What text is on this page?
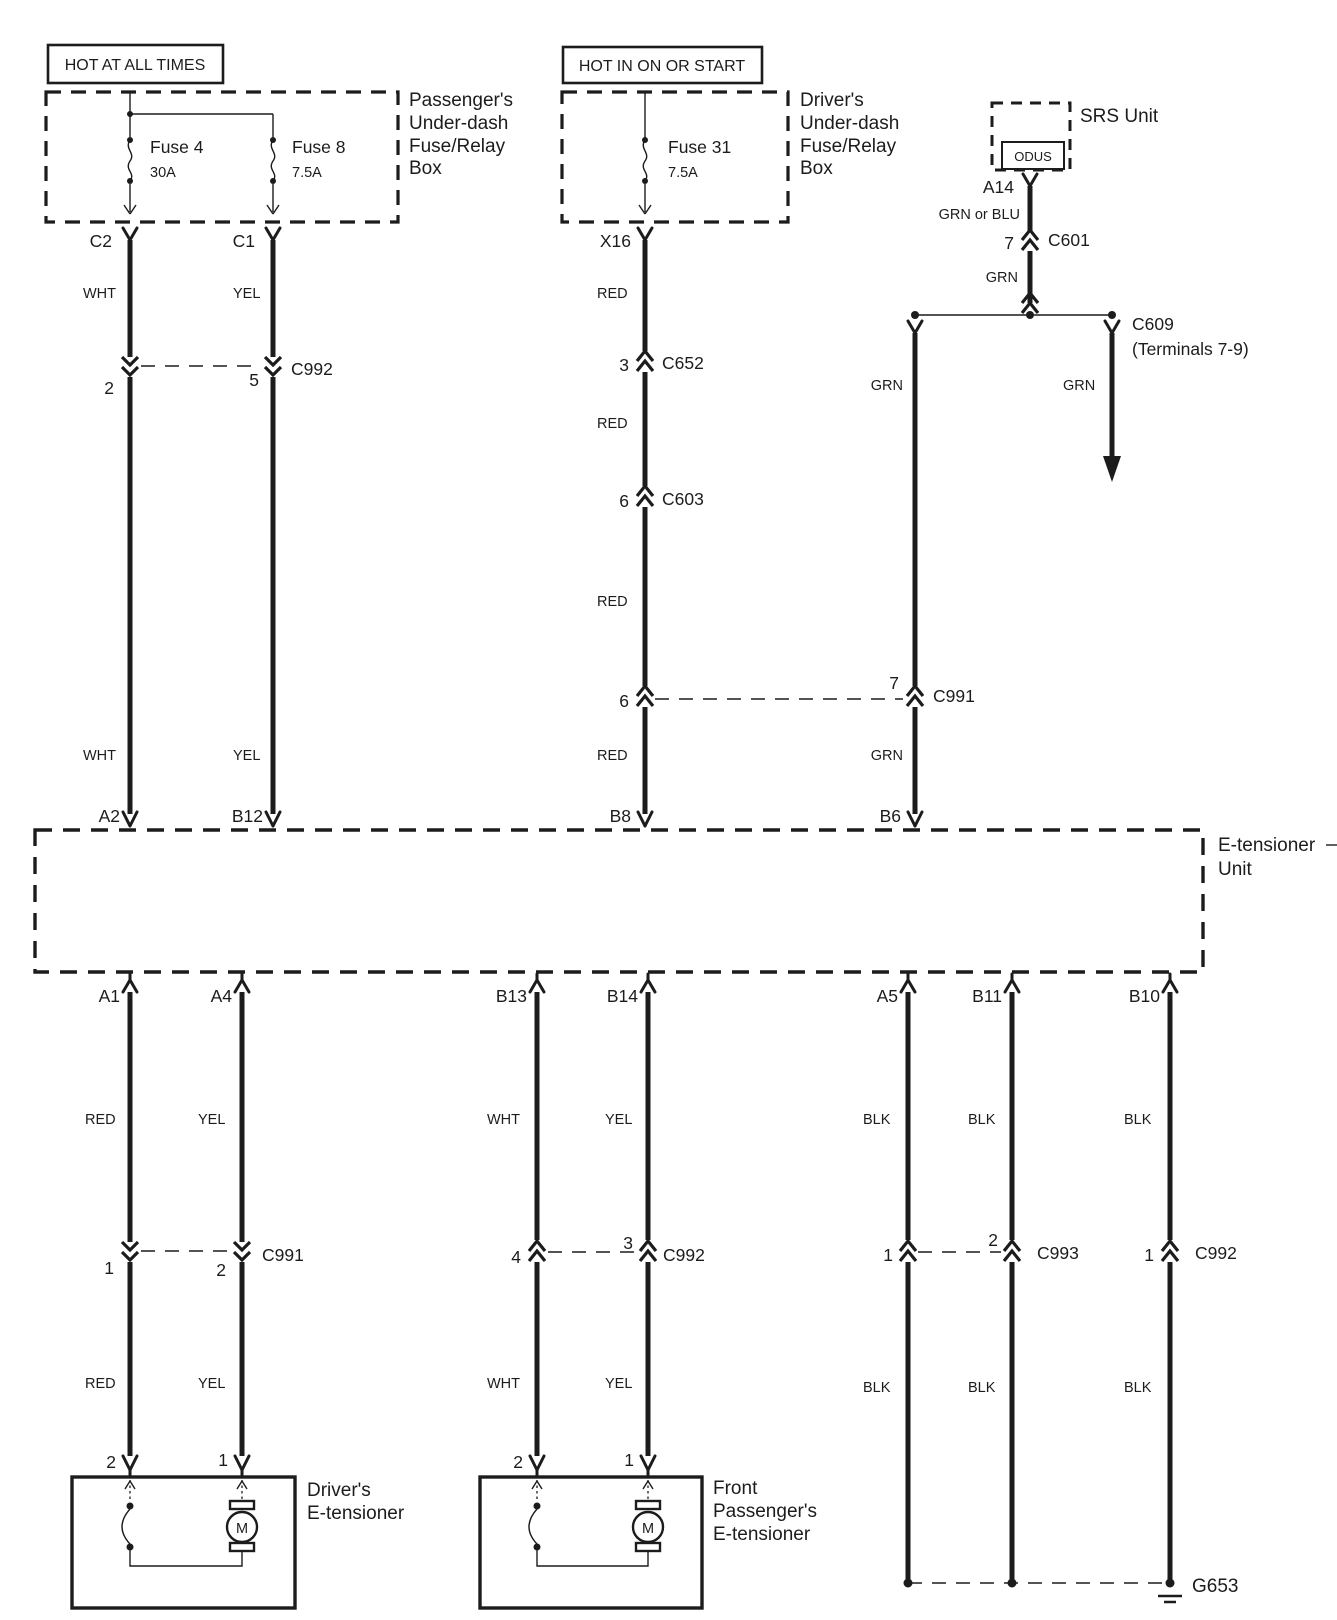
HOT AT ALL TIMES
Passenger's
Under-dash
Fuse/Relay
Box
Fuse 4
30A
Fuse 8
7.5A
HOT IN ON OR START
Driver's
Under-dash
Fuse/Relay
Box
Fuse 31
7.5A
SRS Unit
ODUS
A14
GRN or BLU
7 C601
GRN
C609
(Terminals 7-9)
GRN
C2	C1
WHT	YEL
2	5
C992
WHT	YEL
A2	B12
X16
RED
3 C652
RED
6 C603
RED
6
7
C991
RED
B8
GRN
GRN
B6
E-tensioner
Unit
A1	A4	B13	B14	A5	B11	B10
RED	YEL
1	2
C991
RED	YEL
2	1
Driver's
E-tensioner
M
WHT	YEL
4
3
C992
WHT	YEL
2	1
Front
Passenger's
E-tensioner
M
BLK	BLK	BLK
1
2
C993	1 C992
BLK	BLK	BLK
G653
